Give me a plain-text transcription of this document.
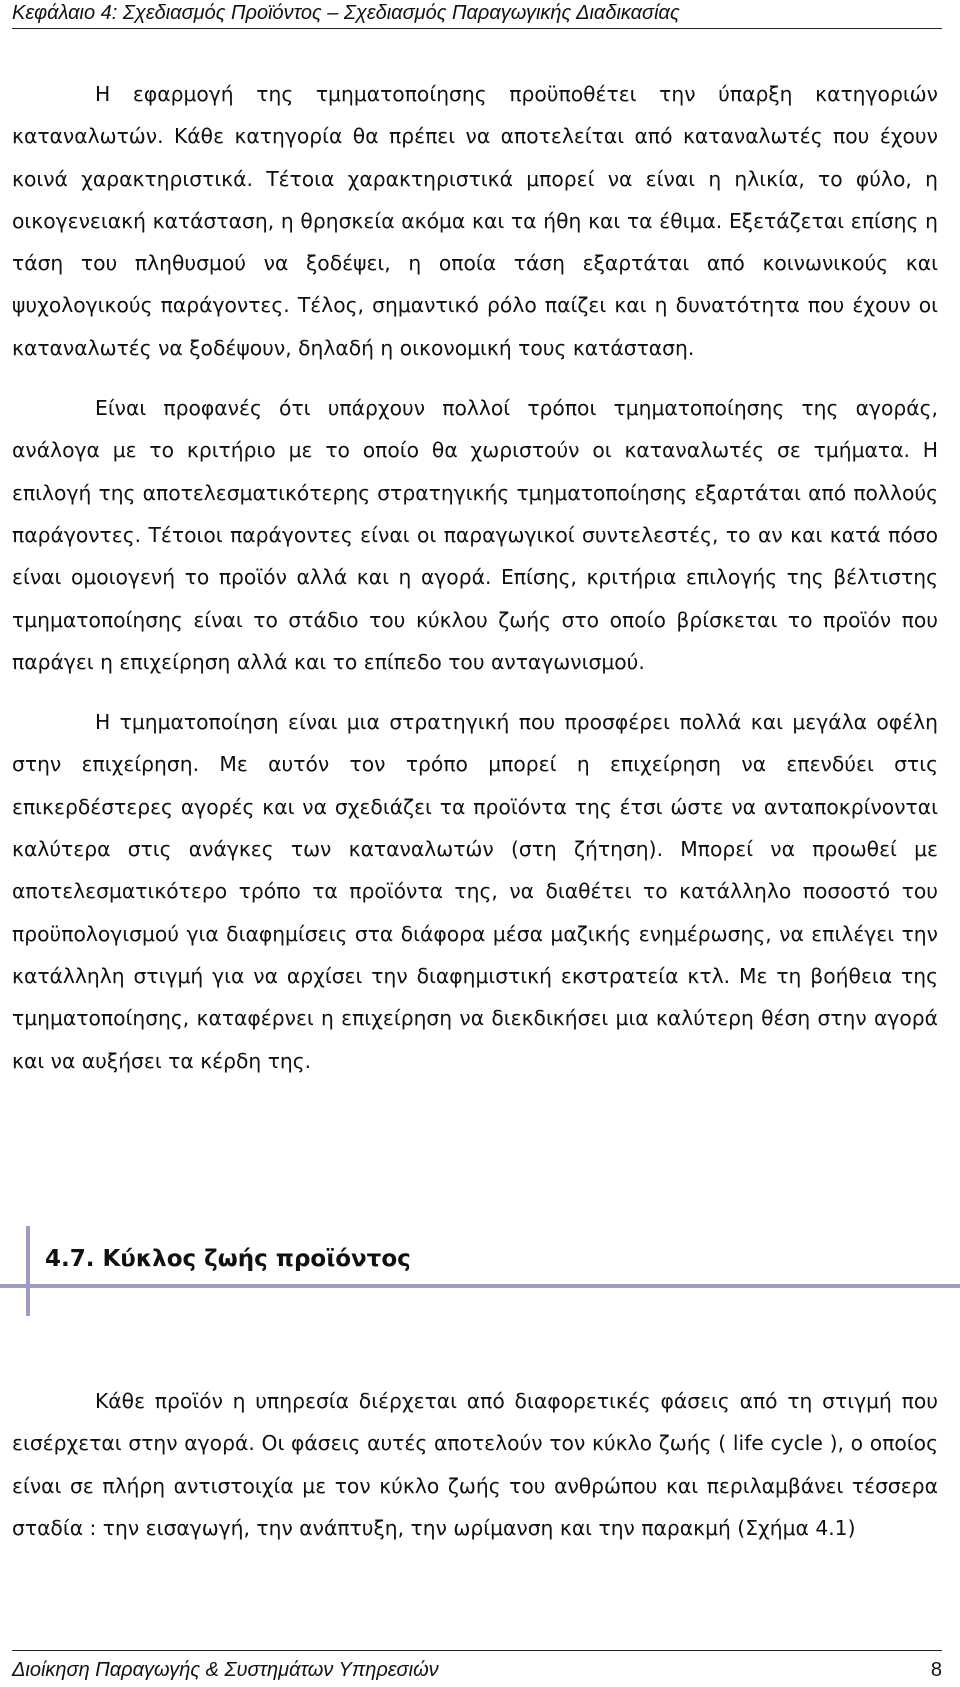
Κεφάλαιο 4: Σχεδιασμός Προϊόντος – Σχεδιασμός Παραγωγικής Διαδικασίας

Η εφαρμογή της τμηματοποίησης προϋποθέτει την ύπαρξη κατηγοριών καταναλωτών. Κάθε κατηγορία θα πρέπει να αποτελείται από καταναλωτές που έχουν κοινά χαρακτηριστικά. Τέτοια χαρακτηριστικά μπορεί να είναι η ηλικία, το φύλο, η οικογενειακή κατάσταση, η θρησκεία ακόμα και τα ήθη και τα έθιμα. Εξετάζεται επίσης η τάση του πληθυσμού να ξοδέψει, η οποία τάση εξαρτάται από κοινωνικούς και ψυχολογικούς παράγοντες. Τέλος, σημαντικό ρόλο παίζει και η δυνατότητα που έχουν οι καταναλωτές να ξοδέψουν, δηλαδή η οικονομική τους κατάσταση.

Είναι προφανές ότι υπάρχουν πολλοί τρόποι τμηματοποίησης της αγοράς, ανάλογα με το κριτήριο με το οποίο θα χωριστούν οι καταναλωτές σε τμήματα. Η επιλογή της αποτελεσματικότερης στρατηγικής τμηματοποίησης εξαρτάται από πολλούς παράγοντες. Τέτοιοι παράγοντες είναι οι παραγωγικοί συντελεστές, το αν και κατά πόσο είναι ομοιογενή το προϊόν αλλά και η αγορά. Επίσης, κριτήρια επιλογής της βέλτιστης τμηματοποίησης είναι το στάδιο του κύκλου ζωής στο οποίο βρίσκεται το προϊόν που παράγει η επιχείρηση αλλά και το επίπεδο του ανταγωνισμού.

Η τμηματοποίηση είναι μια στρατηγική που προσφέρει πολλά και μεγάλα οφέλη στην επιχείρηση. Με αυτόν τον τρόπο μπορεί η επιχείρηση να επενδύει στις επικερδέστερες αγορές και να σχεδιάζει τα προϊόντα της έτσι ώστε να ανταποκρίνονται καλύτερα στις ανάγκες των καταναλωτών (στη ζήτηση). Μπορεί να προωθεί με αποτελεσματικότερο τρόπο τα προϊόντα της, να διαθέτει το κατάλληλο ποσοστό του προϋπολογισμού για διαφημίσεις στα διάφορα μέσα μαζικής ενημέρωσης, να επιλέγει την κατάλληλη στιγμή για να αρχίσει την διαφημιστική εκστρατεία κτλ. Με τη βοήθεια της τμηματοποίησης, καταφέρνει η επιχείρηση να διεκδικήσει μια καλύτερη θέση στην αγορά και να αυξήσει τα κέρδη της.

4.7. Κύκλος ζωής προϊόντος

Κάθε προϊόν η υπηρεσία διέρχεται από διαφορετικές φάσεις από τη στιγμή που εισέρχεται στην αγορά. Οι φάσεις αυτές αποτελούν τον κύκλο ζωής ( life cycle ), ο οποίος είναι σε πλήρη αντιστοιχία με τον κύκλο ζωής του ανθρώπου και περιλαμβάνει τέσσερα σταδία : την εισαγωγή, την ανάπτυξη, την ωρίμανση και την παρακμή (Σχήμα 4.1)

Διοίκηση Παραγωγής & Συστημάτων Υπηρεσιών	8
